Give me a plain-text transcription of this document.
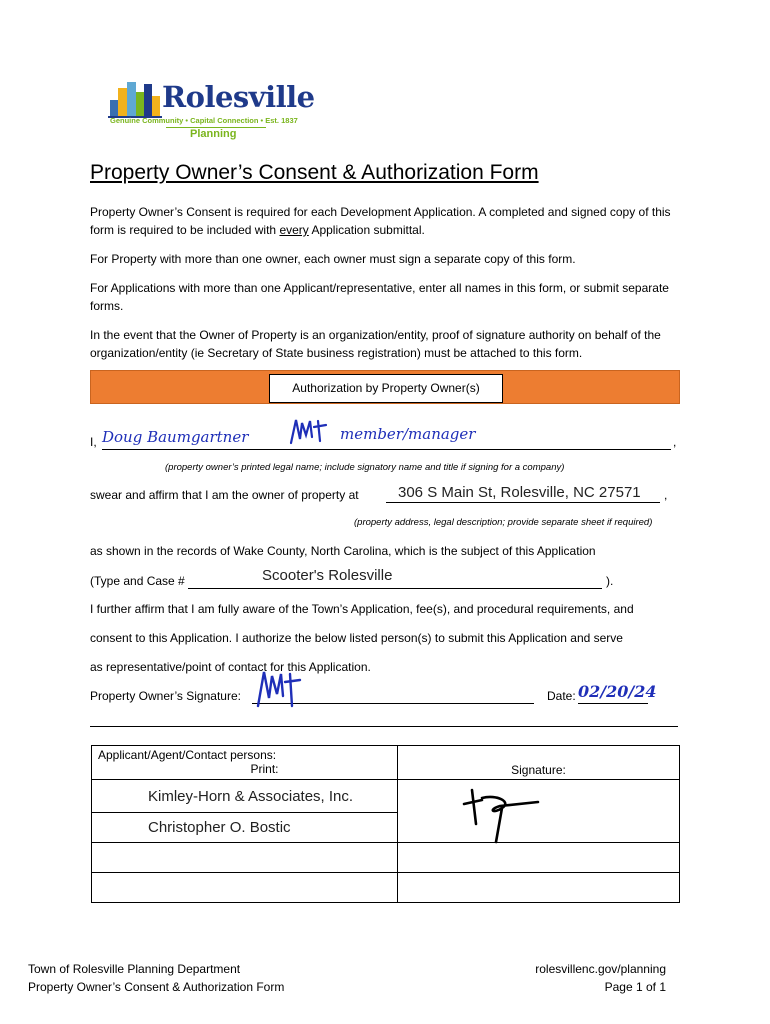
Rolesville
Genuine Community • Capital Connection • Est. 1837
Planning
Property Owner’s Consent & Authorization Form
Property Owner’s Consent is required for each Development Application. A completed and signed copy of this form is required to be included with every Application submittal.
For Property with more than one owner, each owner must sign a separate copy of this form.
For Applications with more than one Applicant/representative, enter all names in this form, or submit separate forms.
In the event that the Owner of Property is an organization/entity, proof of signature authority on behalf of the organization/entity (ie Secretary of State business registration) must be attached to this form.
Authorization by Property Owner(s)
I, Doug Baumgartner	member/manager	,
(property owner’s printed legal name; include signatory name and title if signing for a company)
swear and affirm that I am the owner of property at	306 S Main St, Rolesville, NC 27571 ,
(property address, legal description; provide separate sheet if required)
as shown in the records of Wake County, North Carolina, which is the subject of this Application
(Type and Case #	Scooter's Rolesville	).
I further affirm that I am fully aware of the Town’s Application, fee(s), and procedural requirements, and
consent to this Application. I authorize the below listed person(s) to submit this Application and serve
as representative/point of contact for this Application.
Property Owner’s Signature:	Date: 02/20/24
Applicant/Agent/Contact persons:
Print:	Signature:
Kimley-Horn & Associates, Inc.	

Christopher O. Bostic	

Town of Rolesville Planning Department
Property Owner’s Consent & Authorization Form
rolesvillenc.gov/planning
Page 1 of 1
